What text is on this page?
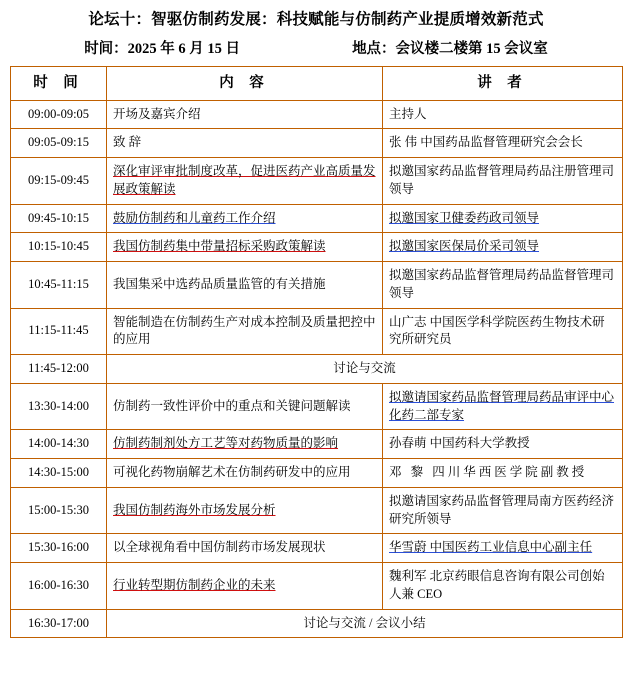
论坛十：智驱仿制药发展：科技赋能与仿制药产业提质增效新范式
时间：2025 年 6 月 15 日	地点：会议楼二楼第 15 会议室
时 间	内 容	讲 者
09:00-09:05	开场及嘉宾介绍	主持人
09:05-09:15	致 辞	张 伟 中国药品监督管理研究会会长
09:15-09:45	深化审评审批制度改革，促进医药产业高质量发展政策解读	拟邀国家药品监督管理局药品注册管理司领导
09:45-10:15	鼓励仿制药和儿童药工作介绍	拟邀国家卫健委药政司领导
10:15-10:45	我国仿制药集中带量招标采购政策解读	拟邀国家医保局价采司领导
10:45-11:15	我国集采中选药品质量监管的有关措施	拟邀国家药品监督管理局药品监督管理司领导
11:15-11:45	智能制造在仿制药生产对成本控制及质量把控中的应用	山广志 中国医学科学院医药生物技术研究所研究员
11:45-12:00	讨论与交流	
13:30-14:00	仿制药一致性评价中的重点和关键问题解读	拟邀请国家药品监督管理局药品审评中心化药二部专家
14:00-14:30	仿制药制剂处方工艺等对药物质量的影响	孙春萌 中国药科大学教授
14:30-15:00	可视化药物崩解艺术在仿制药研发中的应用	邓 黎 四川华西医学院副教授
15:00-15:30	我国仿制药海外市场发展分析	拟邀请国家药品监督管理局南方医药经济研究所领导
15:30-16:00	以全球视角看中国仿制药市场发展现状	华雪蔚 中国医药工业信息中心副主任
16:00-16:30	行业转型期仿制药企业的未来	魏利军 北京药眼信息咨询有限公司创始人兼 CEO
16:30-17:00	讨论与交流 / 会议小结	
